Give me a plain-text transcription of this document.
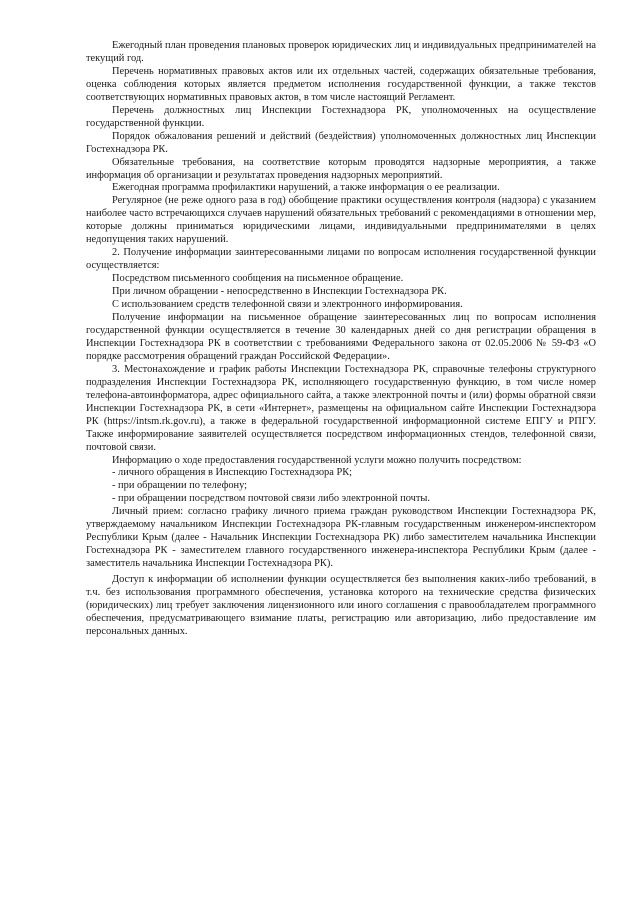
Ежегодный план проведения плановых проверок юридических лиц и индивидуальных предпринимателей на текущий год.

Перечень нормативных правовых актов или их отдельных частей, содержащих обязательные требования, оценка соблюдения которых является предметом исполнения государственной функции, а также текстов соответствующих нормативных правовых актов, в том числе настоящий Регламент.

Перечень должностных лиц Инспекции Гостехнадзора РК, уполномоченных на осуществление государственной функции.

Порядок обжалования решений и действий (бездействия) уполномоченных должностных лиц Инспекции Гостехнадзора РК.

Обязательные требования, на соответствие которым проводятся надзорные мероприятия, а также информация об организации и результатах проведения надзорных мероприятий.

Ежегодная программа профилактики нарушений, а также информация о ее реализации.

Регулярное (не реже одного раза в год) обобщение практики осуществления контроля (надзора) с указанием наиболее часто встречающихся случаев нарушений обязательных требований с рекомендациями в отношении мер, которые должны приниматься юридическими лицами, индивидуальными предпринимателями в целях недопущения таких нарушений.

2. Получение информации заинтересованными лицами по вопросам исполнения государственной функции осуществляется:

Посредством письменного сообщения на письменное обращение.

При личном обращении - непосредственно в Инспекции Гостехнадзора РК.

С использованием средств телефонной связи и электронного информирования.

Получение информации на письменное обращение заинтересованных лиц по вопросам исполнения государственной функции осуществляется в течение 30 календарных дней со дня регистрации обращения в Инспекции Гостехнадзора РК в соответствии с требованиями Федерального закона от 02.05.2006 № 59-ФЗ «О порядке рассмотрения обращений граждан Российской Федерации».

3. Местонахождение и график работы Инспекции Гостехнадзора РК, справочные телефоны структурного подразделения Инспекции Гостехнадзора РК, исполняющего государственную функцию, в том числе номер телефона-автоинформатора, адрес официального сайта, а также электронной почты и (или) формы обратной связи Инспекции Гостехнадзора РК, в сети «Интернет», размещены на официальном сайте Инспекции Гостехнадзора РК (https://intsm.rk.gov.ru), а также в федеральной государственной информационной системе ЕПГУ и РПГУ. Также информирование заявителей осуществляется посредством информационных стендов, телефонной связи, почтовой связи.

Информацию о ходе предоставления государственной услуги можно получить посредством:

- личного обращения в Инспекцию Гостехнадзора РК;

- при обращении по телефону;

- при обращении посредством почтовой связи либо электронной почты.

Личный прием: согласно графику личного приема граждан руководством Инспекции Гостехнадзора РК, утверждаемому начальником Инспекции Гостехнадзора РК-главным государственным инженером-инспектором Республики Крым (далее - Начальник Инспекции Гостехнадзора РК) либо заместителем начальника Инспекции Гостехнадзора РК - заместителем главного государственного инженера-инспектора Республики Крым (далее - заместитель начальника Инспекции Гостехнадзора РК).

Доступ к информации об исполнении функции осуществляется без выполнения каких-либо требований, в т.ч. без использования программного обеспечения, установка которого на технические средства физических (юридических) лиц требует заключения лицензионного или иного соглашения с правообладателем программного обеспечения, предусматривающего взимание платы, регистрацию или авторизацию, либо предоставление им персональных данных.
